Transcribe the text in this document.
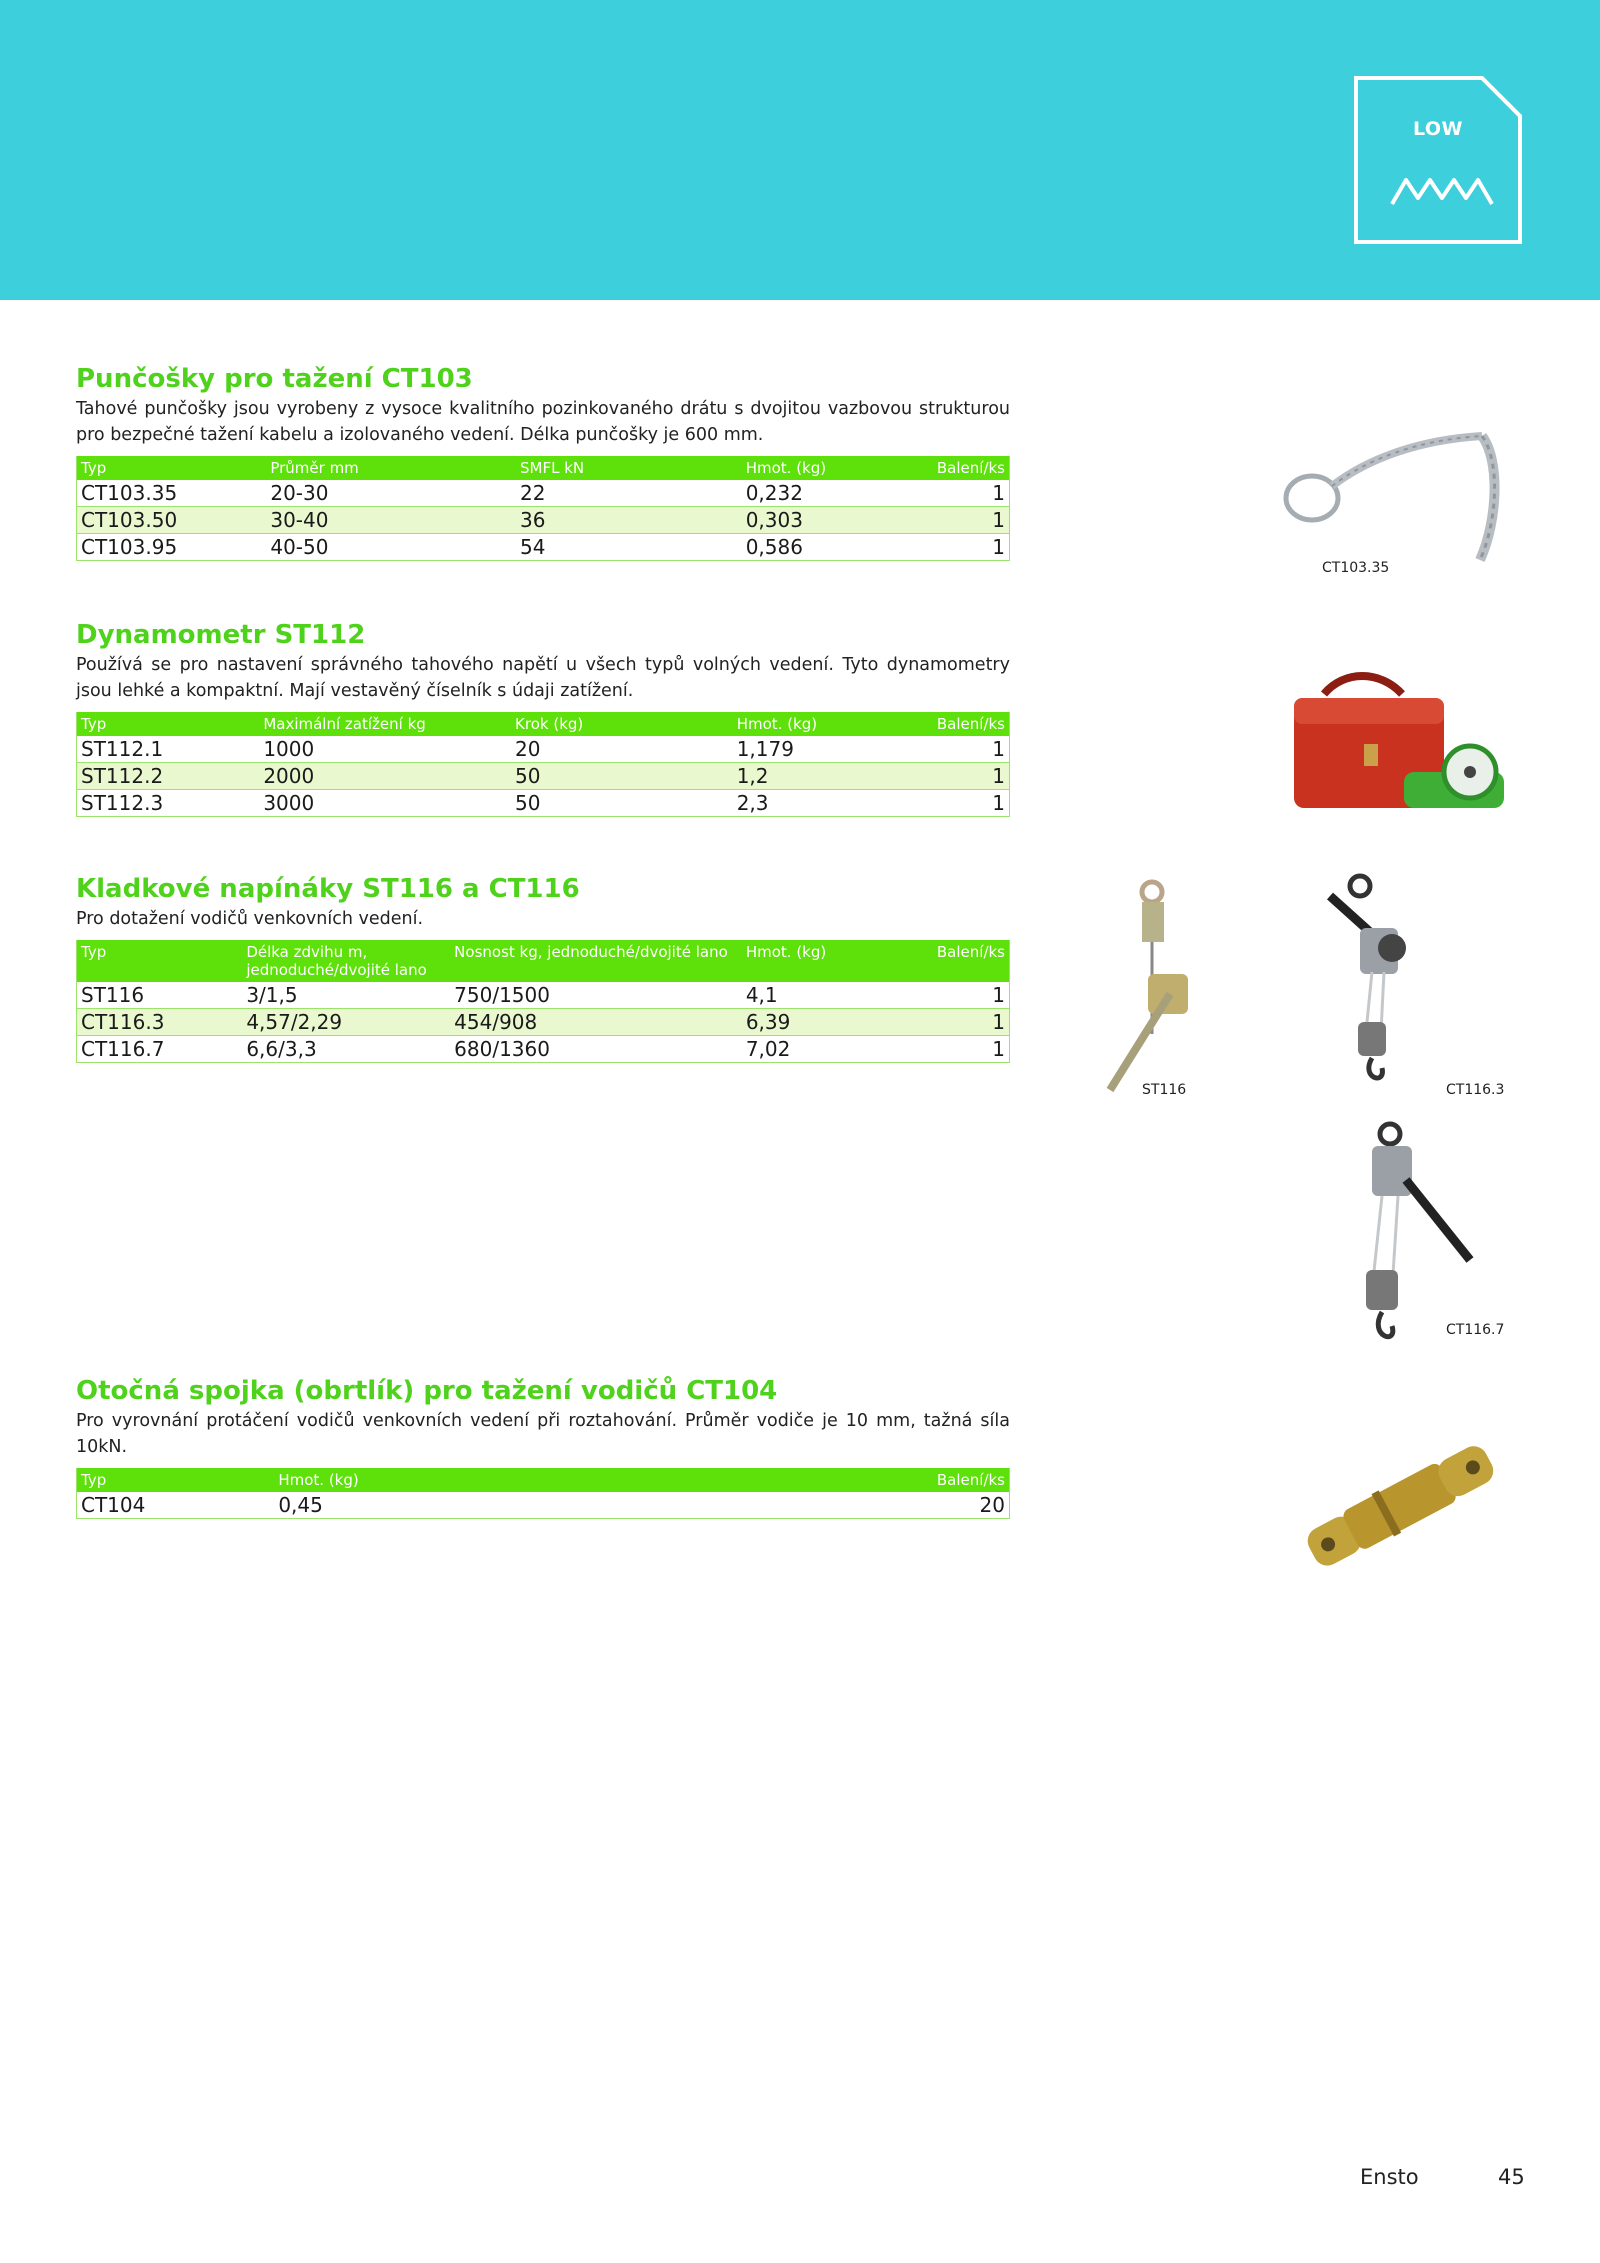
LOW
Punčošky pro tažení CT103

Tahové punčošky jsou vyrobeny z vysoce kvalitního pozinkovaného drátu s dvojitou vazbovou strukturou pro bezpečné tažení kabelu a izolovaného vedení. Délka punčošky je 600 mm.

Typ	Průměr mm	SMFL kN	Hmot. (kg)	Balení/ks
CT103.35	20-30	22	0,232	1
CT103.50	30-40	36	0,303	1
CT103.95	40-50	54	0,586	1
Dynamometr ST112

Používá se pro nastavení správného tahového napětí u všech typů volných vedení. Tyto dynamometry jsou lehké a kompaktní. Mají vestavěný číselník s údaji zatížení.

Typ	Maximální zatížení kg	Krok (kg)	Hmot. (kg)	Balení/ks
ST112.1	1000	20	1,179	1
ST112.2	2000	50	1,2	1
ST112.3	3000	50	2,3	1
Kladkové napínáky ST116 a CT116

Pro dotažení vodičů venkovních vedení.

Typ	Délka zdvihu m, jednoduché/dvojité lano	Nosnost kg, jednoduché/dvojité lano	Hmot. (kg)	Balení/ks
ST116	3/1,5	750/1500	4,1	1
CT116.3	4,57/2,29	454/908	6,39	1
CT116.7	6,6/3,3	680/1360	7,02	1
Otočná spojka (obrtlík) pro tažení vodičů CT104

Pro vyrovnání protáčení vodičů venkovních vedení při roztahování. Průměr vodiče je 10 mm, tažná síla 10kN.

Typ	Hmot. (kg)	Balení/ks
CT104	0,45	20
CT103.35
ST116	CT116.3
CT116.7
Ensto	45
